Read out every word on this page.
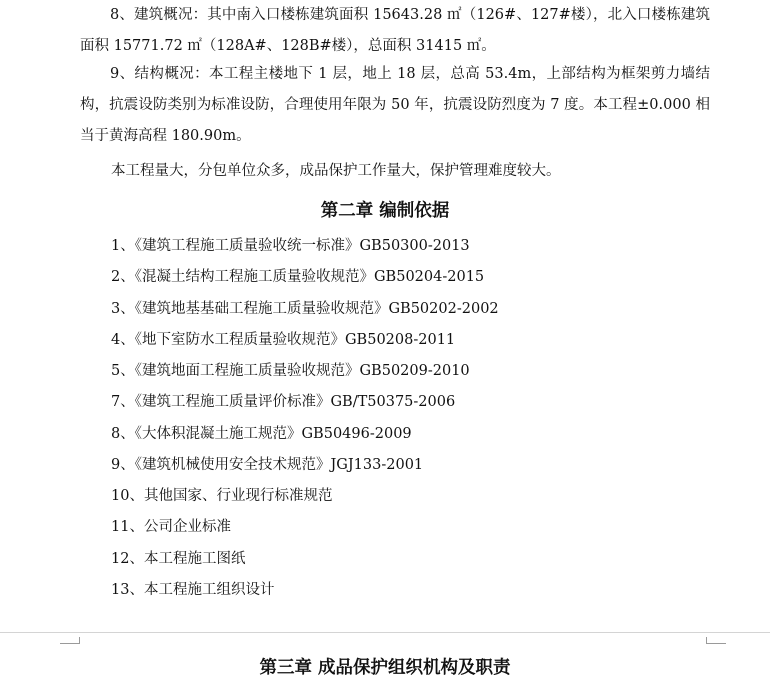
8、建筑概况：其中南入口楼栋建筑面积 15643.28 ㎡（126#、127#楼），北入口楼栋建筑面积 15771.72 ㎡（128A#、128B#楼），总面积 31415 ㎡。

9、结构概况：本工程主楼地下 1 层，地上 18 层，总高 53.4m，上部结构为框架剪力墙结构，抗震设防类别为标准设防，合理使用年限为 50 年，抗震设防烈度为 7 度。本工程±0.000 相当于黄海高程 180.90m。

本工程量大，分包单位众多，成品保护工作量大，保护管理难度较大。

第二章 编制依据

1、《建筑工程施工质量验收统一标准》GB50300-2013

2、《混凝土结构工程施工质量验收规范》GB50204-2015

3、《建筑地基基础工程施工质量验收规范》GB50202-2002

4、《地下室防水工程质量验收规范》GB50208-2011

5、《建筑地面工程施工质量验收规范》GB50209-2010

7、《建筑工程施工质量评价标准》GB/T50375-2006

8、《大体积混凝土施工规范》GB50496-2009

9、《建筑机械使用安全技术规范》JGJ133-2001

10、其他国家、行业现行标准规范

11、公司企业标准

12、本工程施工图纸

13、本工程施工组织设计

第三章 成品保护组织机构及职责
